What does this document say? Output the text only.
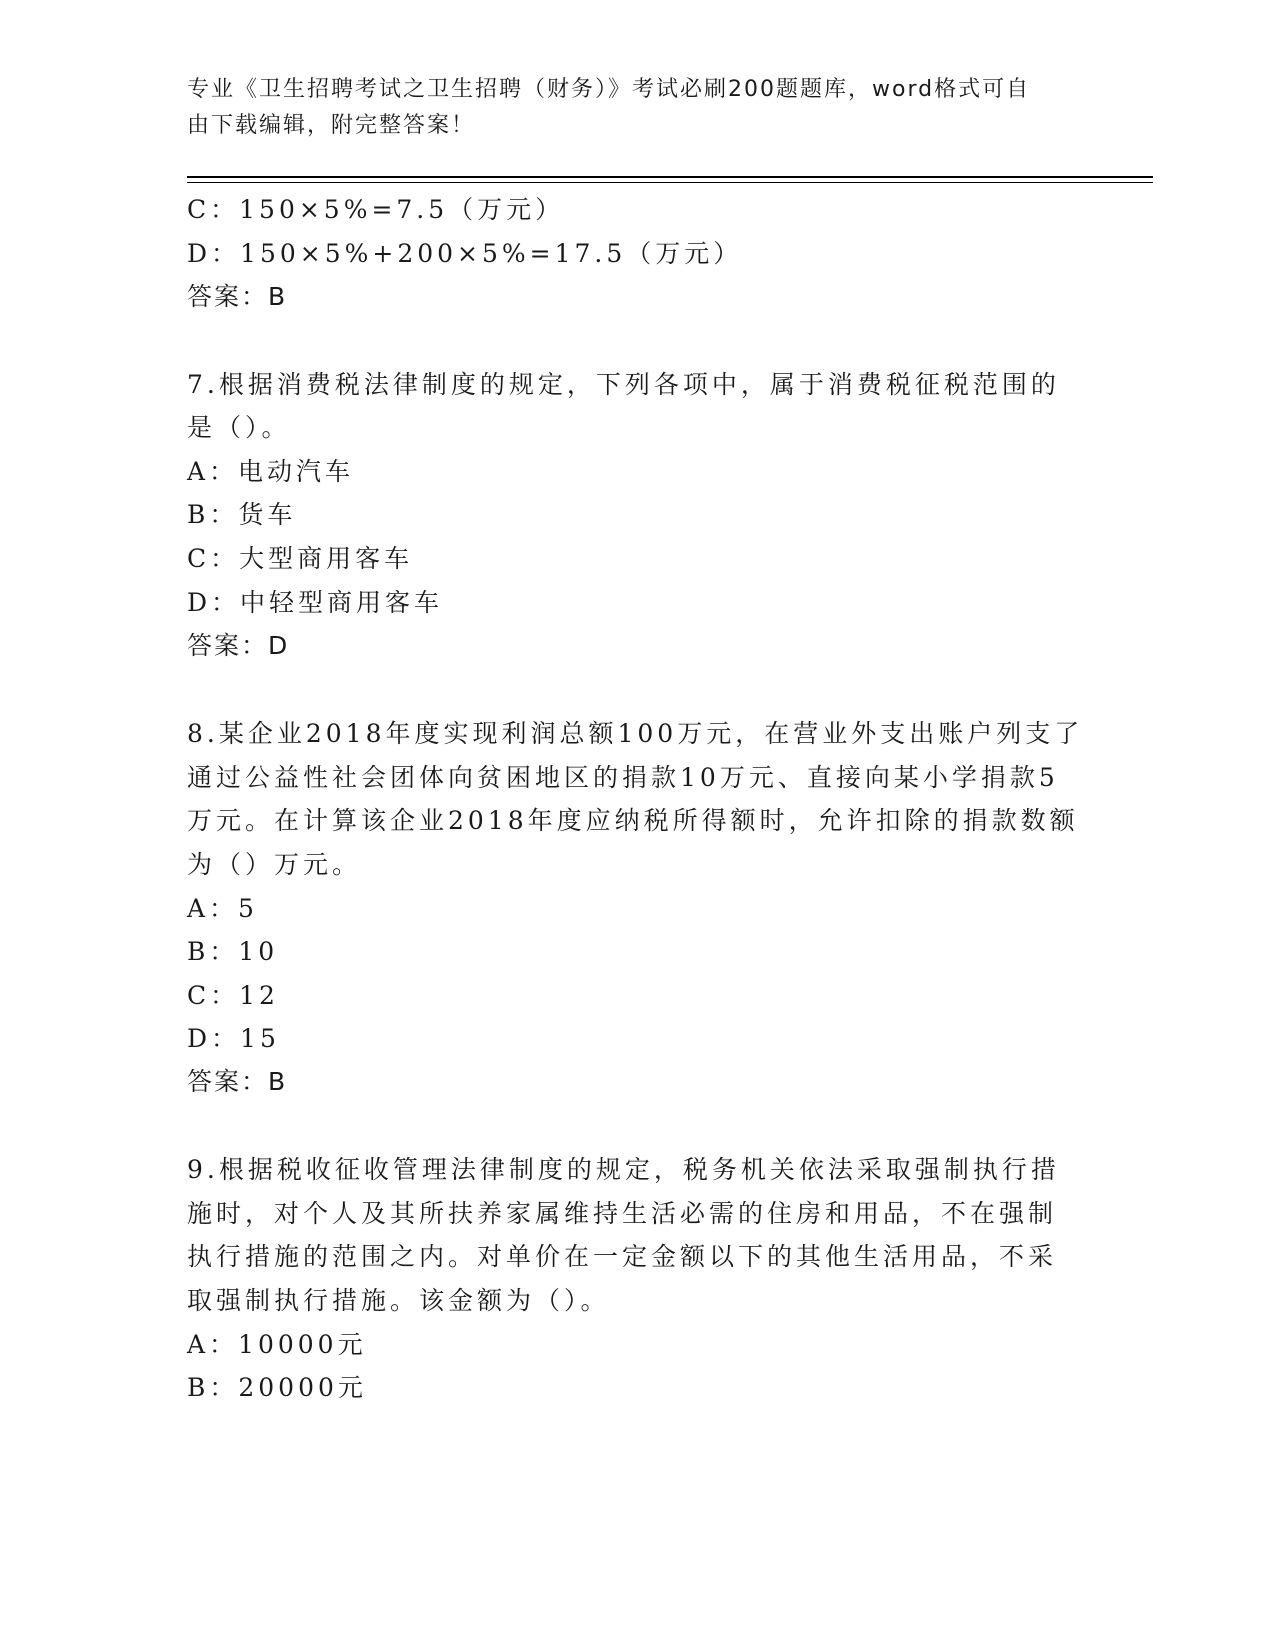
专业《卫生招聘考试之卫生招聘（财务）》考试必刷200题题库，word格式可自
由下载编辑，附完整答案！
C：150×5%=7.5（万元）
D：150×5%+200×5%=17.5（万元）
答案：B
7.根据消费税法律制度的规定，下列各项中，属于消费税征税范围的
是（）。
A：电动汽车
B：货车
C：大型商用客车
D：中轻型商用客车
答案：D
8.某企业2018年度实现利润总额100万元，在营业外支出账户列支了
通过公益性社会团体向贫困地区的捐款10万元、直接向某小学捐款5
万元。在计算该企业2018年度应纳税所得额时，允许扣除的捐款数额
为（）万元。
A：5
B：10
C：12
D：15
答案：B
9.根据税收征收管理法律制度的规定，税务机关依法采取强制执行措
施时，对个人及其所扶养家属维持生活必需的住房和用品，不在强制
执行措施的范围之内。对单价在一定金额以下的其他生活用品，不采
取强制执行措施。该金额为（）。
A：10000元
B：20000元
